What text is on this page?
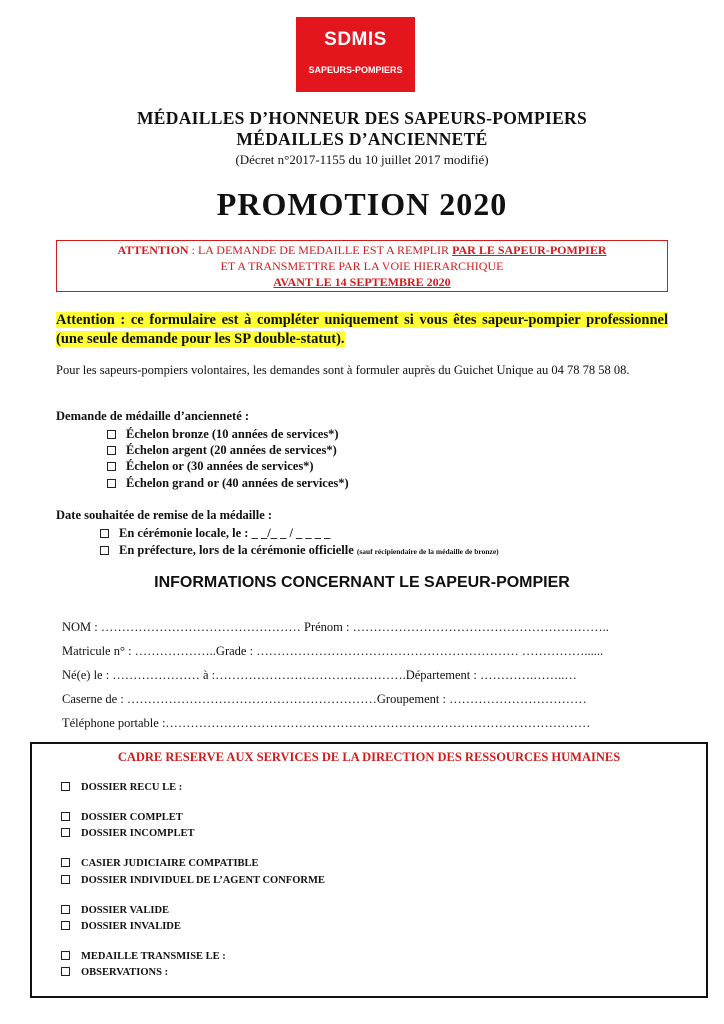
SDMIS
SAPEURS-POMPIERS
MÉDAILLES D’HONNEUR DES SAPEURS-POMPIERS
MÉDAILLES D’ANCIENNETÉ
(Décret n°2017-1155 du 10 juillet 2017 modifié)
PROMOTION 2020
ATTENTION : LA DEMANDE DE MEDAILLE EST A REMPLIR PAR LE SAPEUR-POMPIER
ET A TRANSMETTRE PAR LA VOIE HIERARCHIQUE
AVANT LE 14 SEPTEMBRE 2020
Attention : ce formulaire est à compléter uniquement si vous êtes sapeur-pompier professionnel (une seule demande pour les SP double-statut).
Pour les sapeurs-pompiers volontaires, les demandes sont à formuler auprès du Guichet Unique au 04 78 78 58 08.
Demande de médaille d’ancienneté :
Échelon bronze (10 années de services*)
Échelon argent (20 années de services*)
Échelon or (30 années de services*)
Échelon grand or (40 années de services*)
Date souhaitée de remise de la médaille :
En cérémonie locale, le : _ _/_ _ / _ _ _ _
En préfecture, lors de la cérémonie officielle (sauf récipiendaire de la médaille de bronze)
INFORMATIONS CONCERNANT LE SAPEUR-POMPIER
NOM : ………………………………………… Prénom : ……………………………………………………..
Matricule n° : ………………..Grade : ……………………………………………………… ……………......
Né(e) le : ………………… à :……………………………………….Département : ………….……..…
Caserne de : ……………………………………………………Groupement : ……………………………
Téléphone portable :…………………………………………………………………………………………
CADRE RESERVE AUX SERVICES DE LA DIRECTION DES RESSOURCES HUMAINES
DOSSIER RECU LE :
DOSSIER COMPLET
DOSSIER INCOMPLET
CASIER JUDICIAIRE COMPATIBLE
DOSSIER INDIVIDUEL DE L’AGENT CONFORME
DOSSIER VALIDE
DOSSIER INVALIDE
MEDAILLE TRANSMISE LE :
OBSERVATIONS :
